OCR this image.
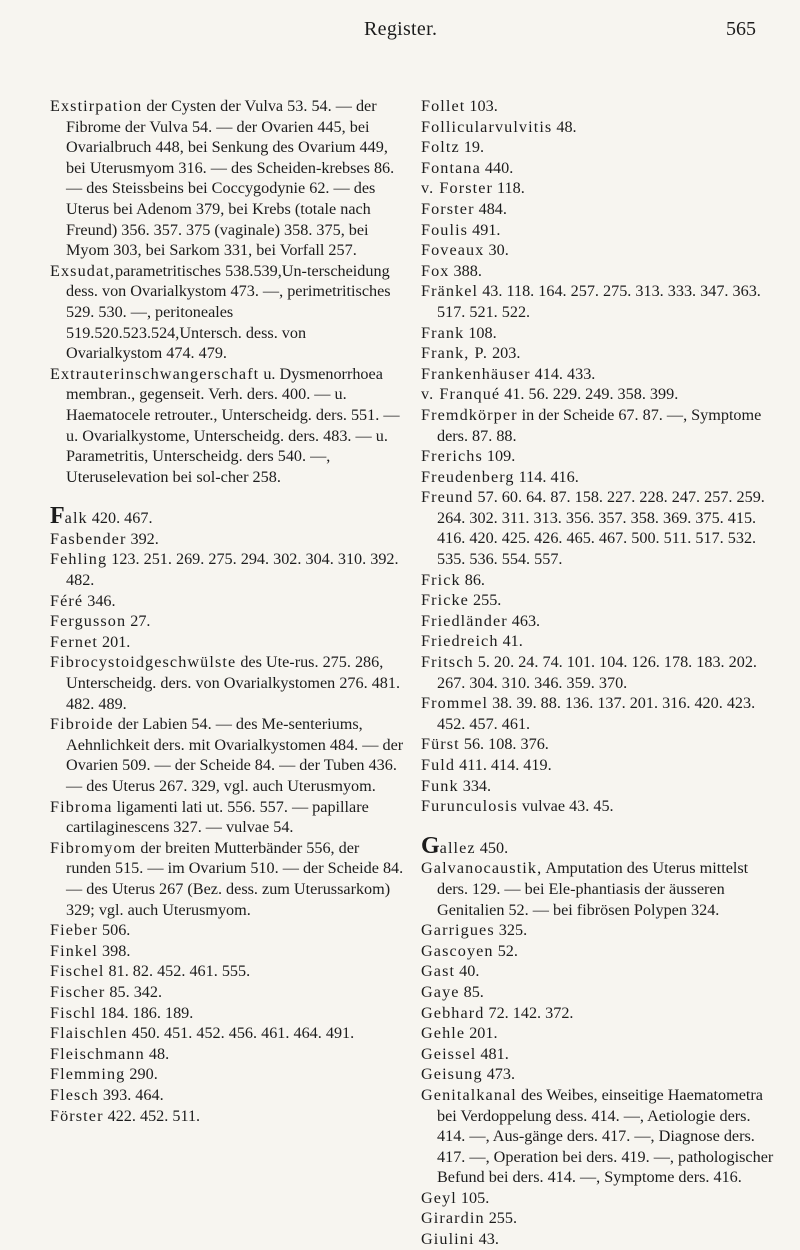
Register.	565

Exstirpation der Cysten der Vulva 53. 54. — der Fibrome der Vulva 54. — der Ovarien 445, bei Ovarialbruch 448, bei Senkung des Ovarium 449, bei Uterusmyom 316. — des Scheiden-krebses 86. — des Steissbeins bei Coccygodynie 62. — des Uterus bei Adenom 379, bei Krebs (totale nach Freund) 356. 357. 375 (vaginale) 358. 375, bei Myom 303, bei Sarkom 331, bei Vorfall 257.

Exsudat,parametritisches 538.539,Un-terscheidung dess. von Ovarialkystom 473. —, perimetritisches 529. 530. —, peritoneales 519.520.523.524,Untersch. dess. von Ovarialkystom 474. 479.

Extrauterinschwangerschaft u. Dysmenorrhoea membran., gegenseit. Verh. ders. 400. — u. Haematocele retrouter., Unterscheidg. ders. 551. — u. Ovarialkystome, Unterscheidg. ders. 483. — u. Parametritis, Unterscheidg. ders 540. —, Uteruselevation bei sol-cher 258.

Falk 420. 467.

Fasbender 392.

Fehling 123. 251. 269. 275. 294. 302. 304. 310. 392. 482.

Féré 346.

Fergusson 27.

Fernet 201.

Fibrocystoidgeschwülste des Ute-rus. 275. 286, Unterscheidg. ders. von Ovarialkystomen 276. 481. 482. 489.

Fibroide der Labien 54. — des Me-senteriums, Aehnlichkeit ders. mit Ovarialkystomen 484. — der Ovarien 509. — der Scheide 84. — der Tuben 436. — des Uterus 267. 329, vgl. auch Uterusmyom.

Fibroma ligamenti lati ut. 556. 557. — papillare cartilaginescens 327. — vulvae 54.

Fibromyom der breiten Mutterbänder 556, der runden 515. — im Ovarium 510. — der Scheide 84. — des Uterus 267 (Bez. dess. zum Uterussarkom) 329; vgl. auch Uterusmyom.

Fieber 506.

Finkel 398.

Fischel 81. 82. 452. 461. 555.

Fischer 85. 342.

Fischl 184. 186. 189.

Flaischlen 450. 451. 452. 456. 461. 464. 491.

Fleischmann 48.

Flemming 290.

Flesch 393. 464.

Förster 422. 452. 511.

Follet 103.

Follicularvulvitis 48.

Foltz 19.

Fontana 440.

v. Forster 118.

Forster 484.

Foulis 491.

Foveaux 30.

Fox 388.

Fränkel 43. 118. 164. 257. 275. 313. 333. 347. 363. 517. 521. 522.

Frank 108.

Frank, P. 203.

Frankenhäuser 414. 433.

v. Franqué 41. 56. 229. 249. 358. 399.

Fremdkörper in der Scheide 67. 87. —, Symptome ders. 87. 88.

Frerichs 109.

Freudenberg 114. 416.

Freund 57. 60. 64. 87. 158. 227. 228. 247. 257. 259. 264. 302. 311. 313. 356. 357. 358. 369. 375. 415. 416. 420. 425. 426. 465. 467. 500. 511. 517. 532. 535. 536. 554. 557.

Frick 86.

Fricke 255.

Friedländer 463.

Friedreich 41.

Fritsch 5. 20. 24. 74. 101. 104. 126. 178. 183. 202. 267. 304. 310. 346. 359. 370.

Frommel 38. 39. 88. 136. 137. 201. 316. 420. 423. 452. 457. 461.

Fürst 56. 108. 376.

Fuld 411. 414. 419.

Funk 334.

Furunculosis vulvae 43. 45.

Gallez 450.

Galvanocaustik, Amputation des Uterus mittelst ders. 129. — bei Ele-phantiasis der äusseren Genitalien 52. — bei fibrösen Polypen 324.

Garrigues 325.

Gascoyen 52.

Gast 40.

Gaye 85.

Gebhard 72. 142. 372.

Gehle 201.

Geissel 481.

Geisung 473.

Genitalkanal des Weibes, einseitige Haematometra bei Verdoppelung dess. 414. —, Aetiologie ders. 414. —, Aus-gänge ders. 417. —, Diagnose ders. 417. —, Operation bei ders. 419. —, pathologischer Befund bei ders. 414. —, Symptome ders. 416.

Geyl 105.

Girardin 255.

Giulini 43.
